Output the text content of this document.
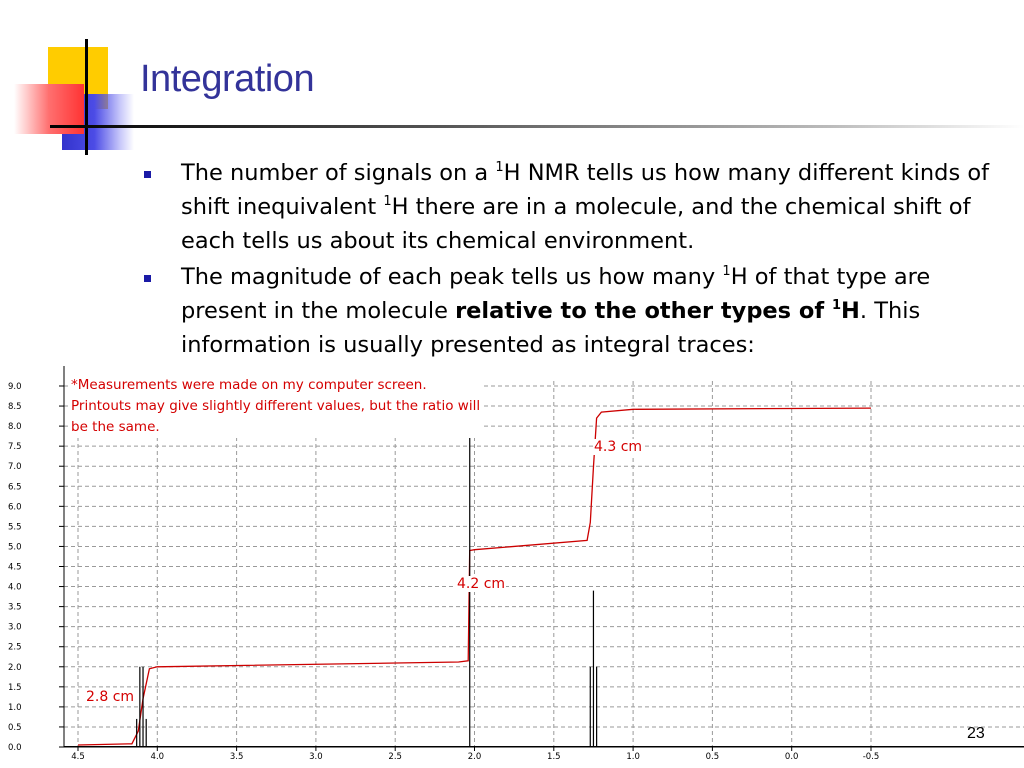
Integration
The number of signals on a $^1$H NMR tells us how many different kinds of shift inequivalent $^1$H there are in a molecule, and the chemical shift of each tells us about its chemical environment.
The magnitude of each peak tells us how many $^1$H of that type are present in the molecule relative to the other types of $^1$H. This information is usually presented as integral traces:
0.0
0.5
1.0
1.5
2.0
2.5
3.0
3.5
4.0
4.5
5.0
5.5
6.0
6.5
7.0
7.5
8.0
8.5
9.0
4.5	4.0	3.5	3.0	2.5	2.0	1.5	1.0	0.5	0.0	-0.5
*Measurements were made on my computer screen. Printouts may give slightly different values, but the ratio will be the same.
2.8 cm
4.2 cm
4.3 cm
23
